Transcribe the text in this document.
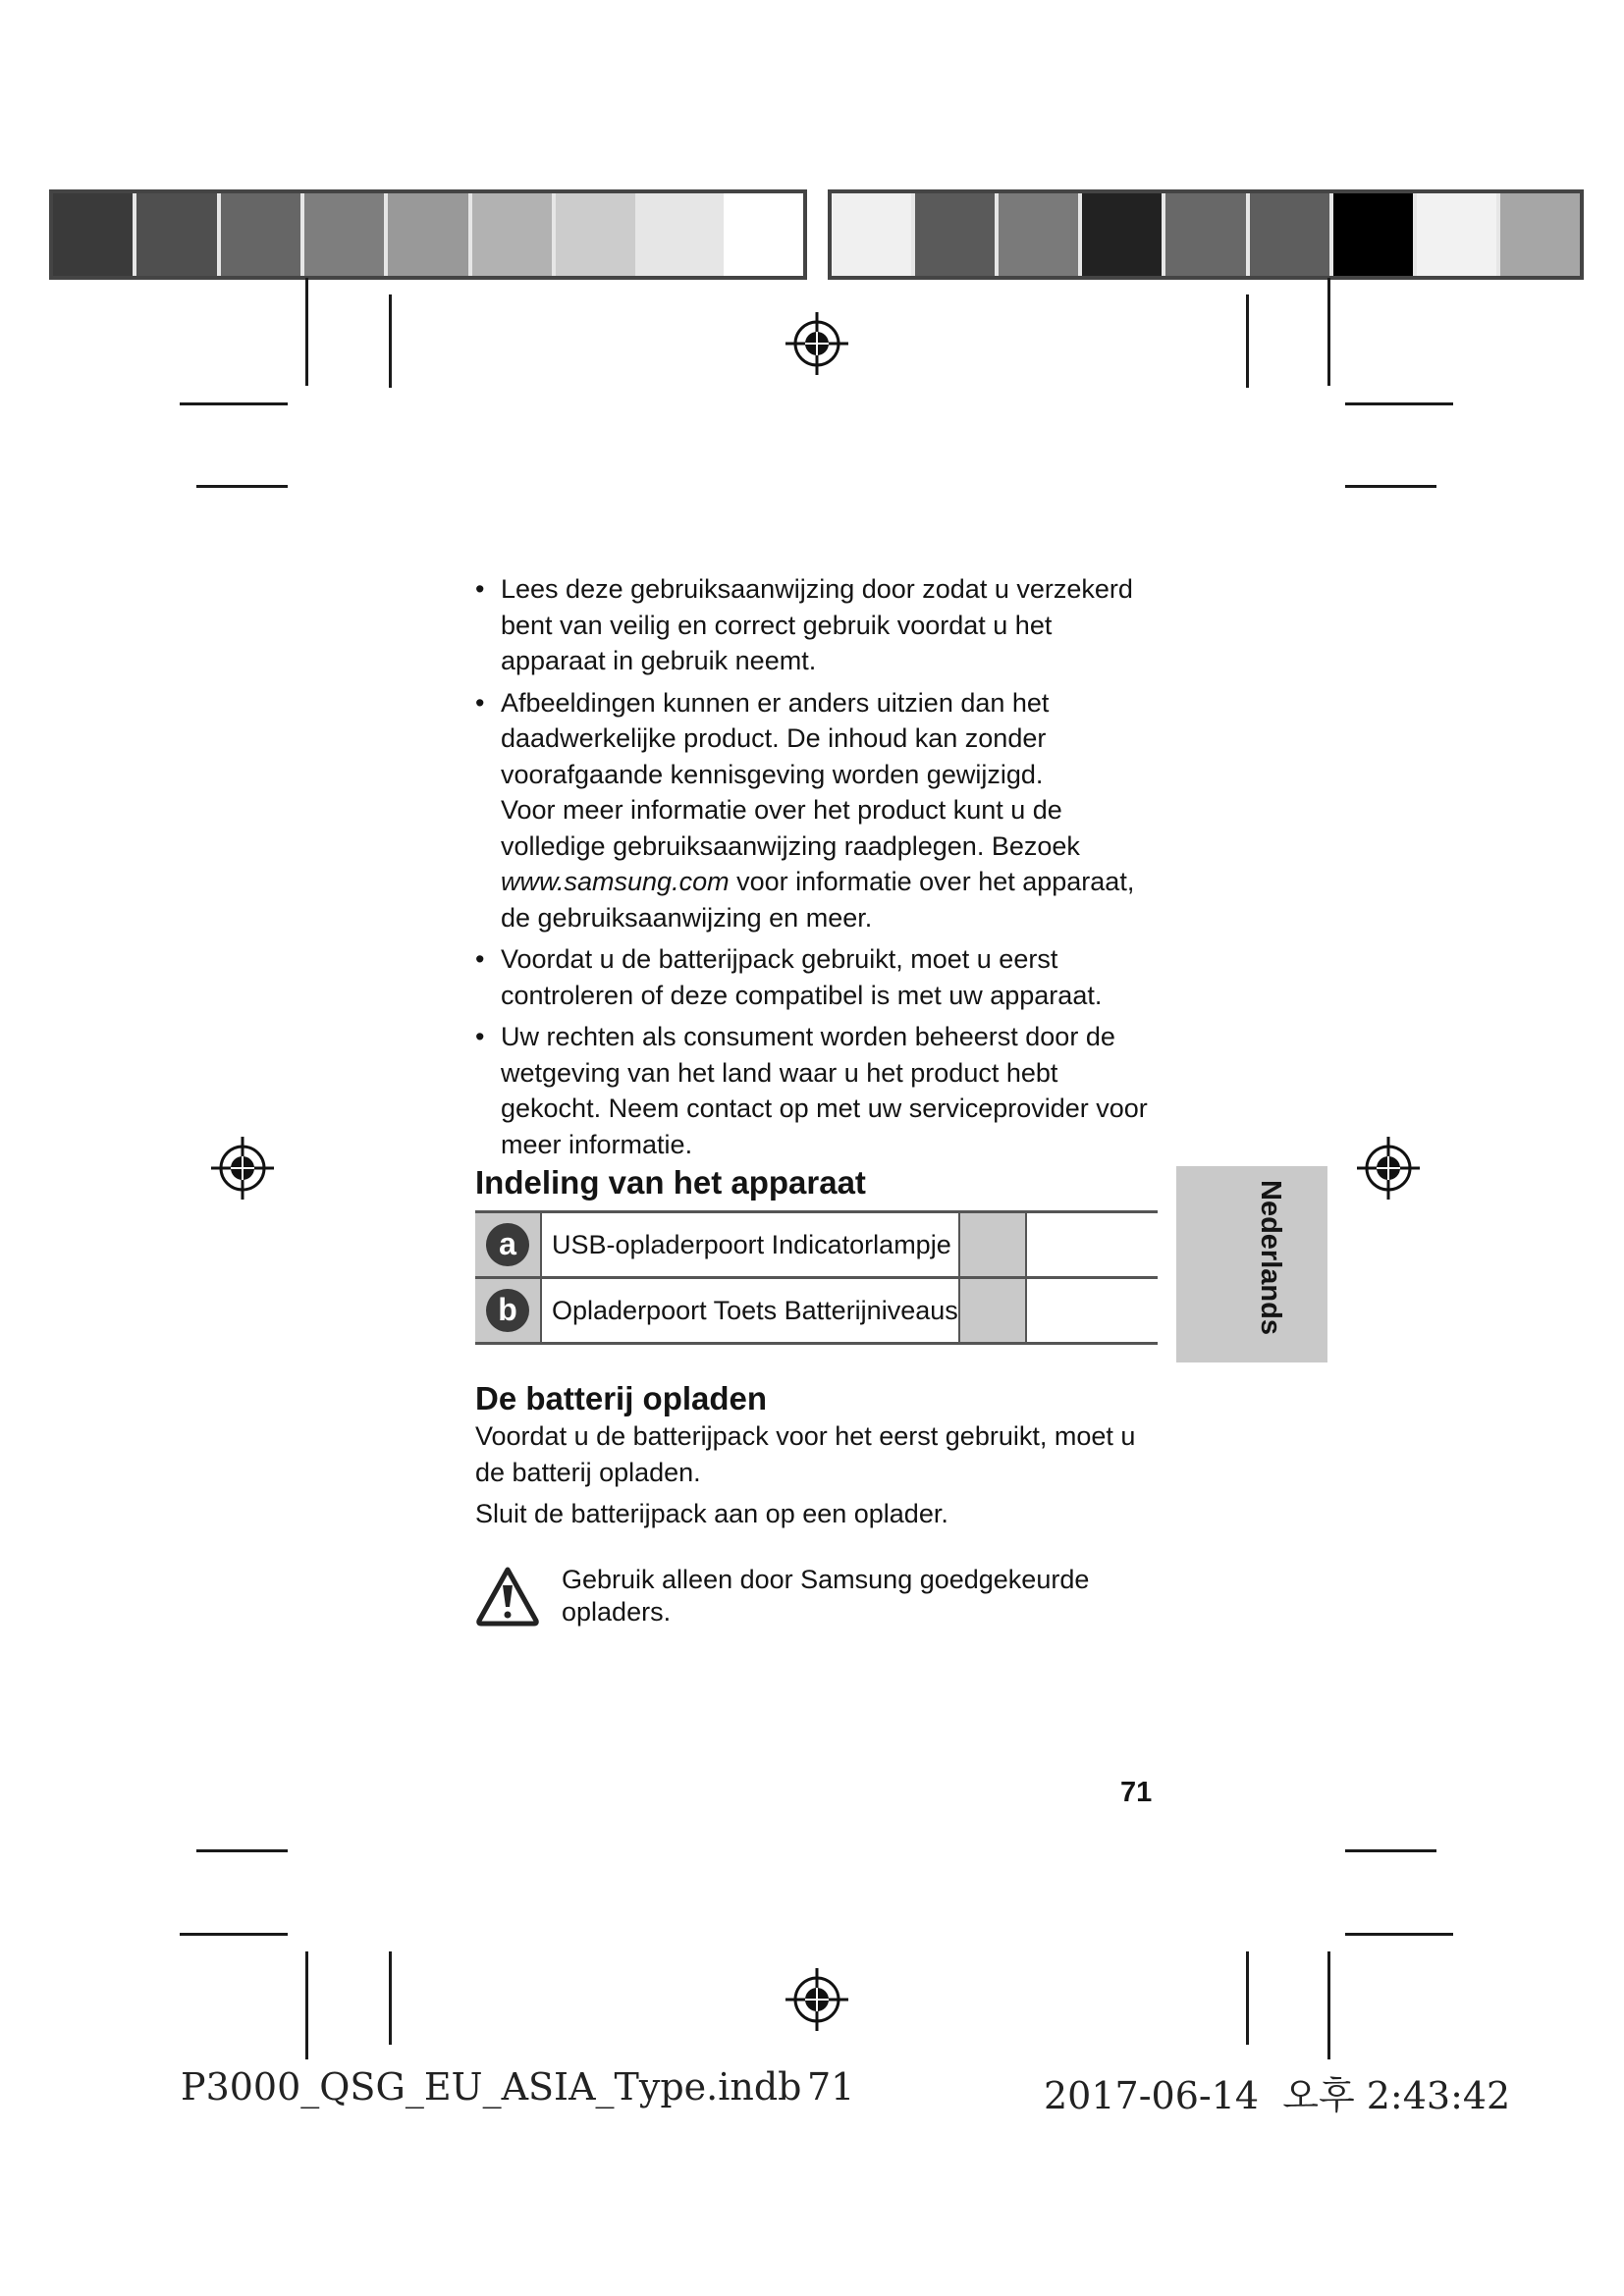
• Lees deze gebruiksaanwijzing door zodat u verzekerd bent van veilig en correct gebruik voordat u het apparaat in gebruik neemt.
• Afbeeldingen kunnen er anders uitzien dan het daadwerkelijke product. De inhoud kan zonder voorafgaande kennisgeving worden gewijzigd.
Voor meer informatie over het product kunt u de volledige gebruiksaanwijzing raadplegen. Bezoek www.samsung.com voor informatie over het apparaat, de gebruiksaanwijzing en meer.
• Voordat u de batterijpack gebruikt, moet u eerst controleren of deze compatibel is met uw apparaat.
• Uw rechten als consument worden beheerst door de wetgeving van het land waar u het product hebt gekocht. Neem contact op met uw serviceprovider voor meer informatie.
Indeling van het apparaat
a	USB-opladerpoort Indicatorlampje		
b	Opladerpoort Toets Batterijniveaus			Nederlands
De batterij opladen
Voordat u de batterijpack voor het eerst gebruikt, moet u de batterij opladen.
Sluit de batterijpack aan op een oplader.
Gebruik alleen door Samsung goedgekeurde opladers.
71
P3000_QSG_EU_ASIA_Type.indb 71	2017-06-14  오후 2:43:42
